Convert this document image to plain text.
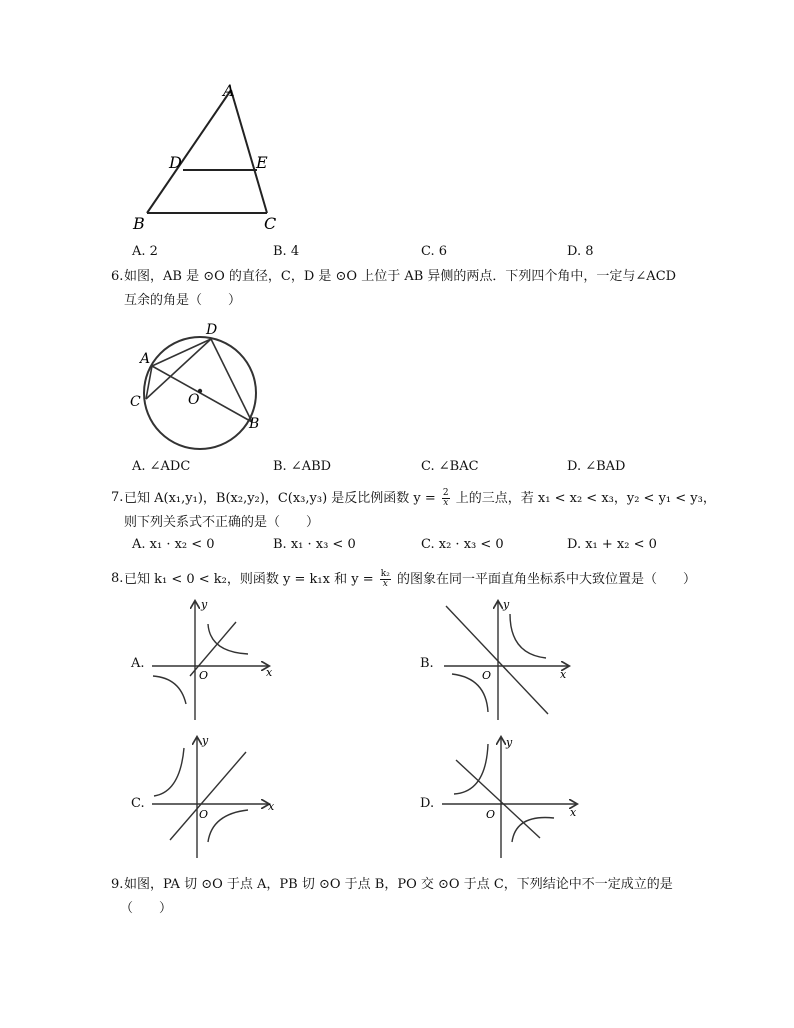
A
D	E
B	C
A. 2	B. 4	C. 6	D. 8
6. 如图，AB 是 ⊙O 的直径，C，D 是 ⊙O 上位于 AB 异侧的两点．下列四个角中，一定与∠ACD
互余的角是（　　）
D
A
C	O
B
A. ∠ADC	B. ∠ABD	C. ∠BAC	D. ∠BAD
7. 已知 A(x₁,y₁)，B(x₂,y₂)，C(x₃,y₃) 是反比例函数 $y = \frac{2}{x}$ 上的三点，若 x₁ < x₂ < x₃，y₂ < y₁ < y₃，
则下列关系式不正确的是（　　）
A. x₁ · x₂ < 0	B. x₁ · x₃ < 0	C. x₂ · x₃ < 0	D. x₁ + x₂ < 0
8. 已知 k₁ < 0 < k₂，则函数 y = k₁x 和 $y = \frac{\text{k₂}}{x}$ 的图象在同一平面直角坐标系中大致位置是（　　）
A.
x
y
O
B.
x
y
O
C.	x
y
O
D.
x
y
O
9. 如图，PA 切 ⊙O 于点 A，PB 切 ⊙O 于点 B，PO 交 ⊙O 于点 C，下列结论中不一定成立的是
（　　）
